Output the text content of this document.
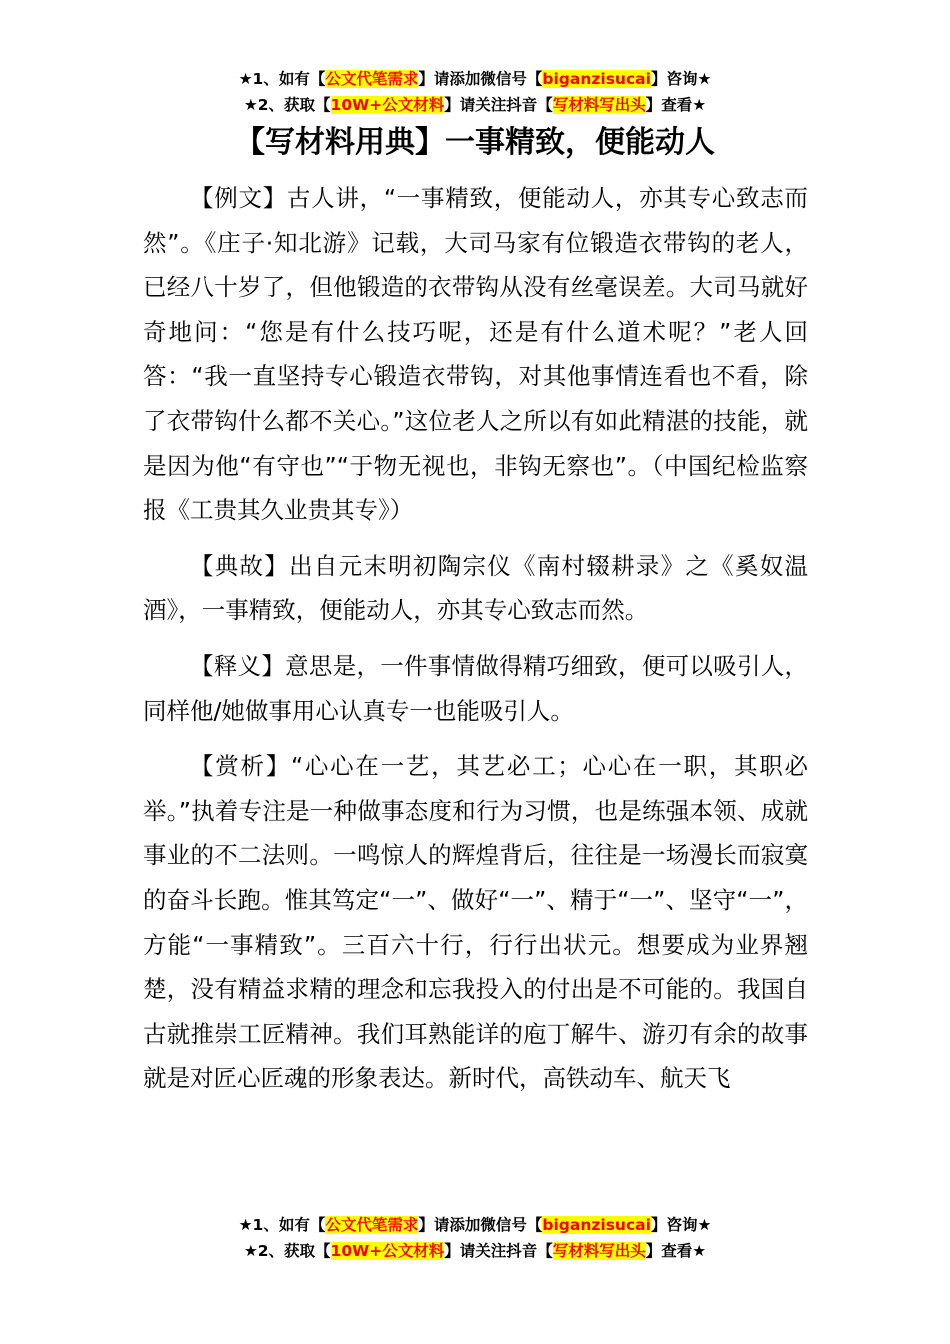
★1、如有【公文代笔需求】请添加微信号【biganzisucai】咨询★
★2、获取【10W+公文材料】请关注抖音【写材料写出头】查看★
【写材料用典】一事精致，便能动人

【例文】古人讲，“一事精致，便能动人，亦其专心致志而然”。《庄子·知北游》记载，大司马家有位锻造衣带钩的老人，已经八十岁了，但他锻造的衣带钩从没有丝毫误差。大司马就好奇地问：“您是有什么技巧呢，还是有什么道术呢？”老人回答：“我一直坚持专心锻造衣带钩，对其他事情连看也不看，除了衣带钩什么都不关心。”这位老人之所以有如此精湛的技能，就是因为他“有守也”“于物无视也，非钩无察也”。（中国纪检监察报《工贵其久业贵其专》）

【典故】出自元末明初陶宗仪《南村辍耕录》之《奚奴温酒》，一事精致，便能动人，亦其专心致志而然。

【释义】意思是，一件事情做得精巧细致，便可以吸引人，同样他/她做事用心认真专一也能吸引人。

【赏析】“心心在一艺，其艺必工；心心在一职，其职必举。”执着专注是一种做事态度和行为习惯，也是练强本领、成就事业的不二法则。一鸣惊人的辉煌背后，往往是一场漫长而寂寞的奋斗长跑。惟其笃定“一”、做好“一”、精于“一”、坚守“一”，方能“一事精致”。三百六十行，行行出状元。想要成为业界翘楚，没有精益求精的理念和忘我投入的付出是不可能的。我国自古就推崇工匠精神。我们耳熟能详的庖丁解牛、游刃有余的故事就是对匠心匠魂的形象表达。新时代，高铁动车、航天飞

★1、如有【公文代笔需求】请添加微信号【biganzisucai】咨询★
★2、获取【10W+公文材料】请关注抖音【写材料写出头】查看★
